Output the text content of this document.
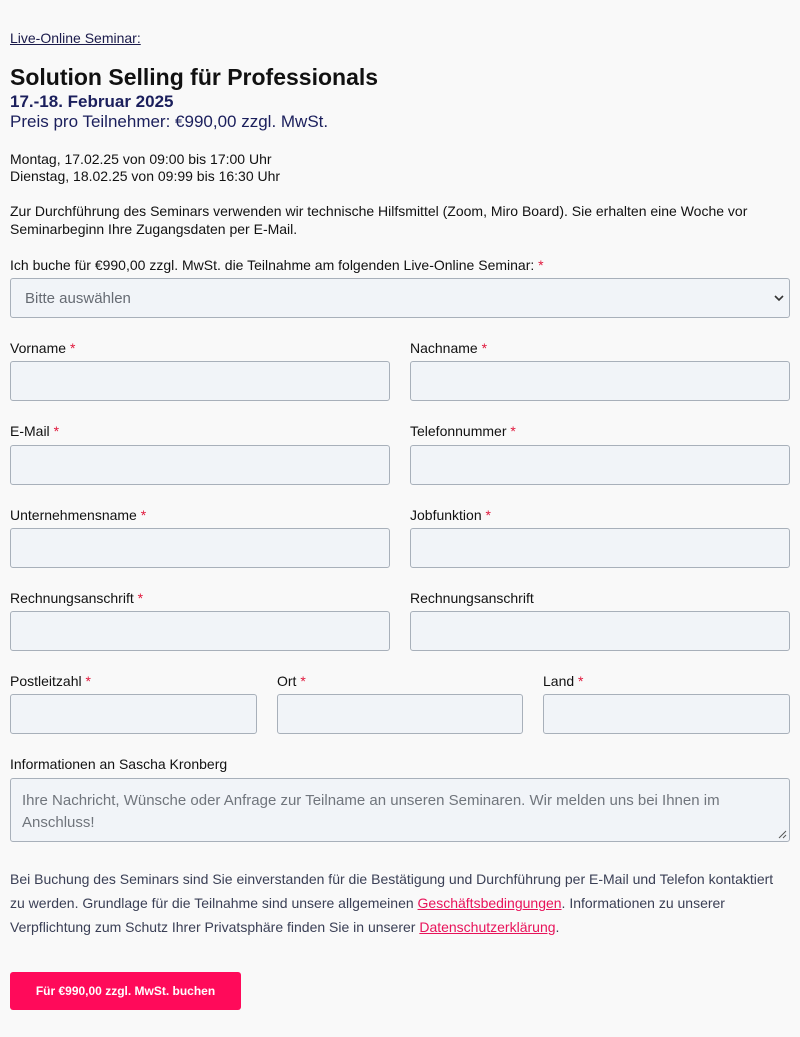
Live-Online Seminar:
Solution Selling für Professionals
17.-18. Februar 2025
Preis pro Teilnehmer: €990,00 zzgl. MwSt.
Montag, 17.02.25 von 09:00 bis 17:00 Uhr
Dienstag, 18.02.25 von 09:99 bis 16:30 Uhr

Zur Durchführung des Seminars verwenden wir technische Hilfsmittel (Zoom, Miro Board). Sie erhalten eine Woche vor Seminarbeginn Ihre Zugangsdaten per E-Mail.

Ich buche für €990,00 zzgl. MwSt. die Teilnahme am folgenden Live-Online Seminar: *
Bitte auswählen
Vorname *	Nachname *
E-Mail *	Telefonnummer *
Unternehmensname *	Jobfunktion *
Rechnungsanschrift *	Rechnungsanschrift
Postleitzahl *	Ort *	Land *
Informationen an Sascha Kronberg
Ihre Nachricht, Wünsche oder Anfrage zur Teilname an unseren Seminaren. Wir melden uns bei Ihnen im Anschluss!

Bei Buchung des Seminars sind Sie einverstanden für die Bestätigung und Durchführung per E-Mail und Telefon kontaktiert zu werden. Grundlage für die Teilnahme sind unsere allgemeinen Geschäftsbedingungen. Informationen zu unserer Verpflichtung zum Schutz Ihrer Privatsphäre finden Sie in unserer Datenschutzerklärung.

Für €990,00 zzgl. MwSt. buchen
